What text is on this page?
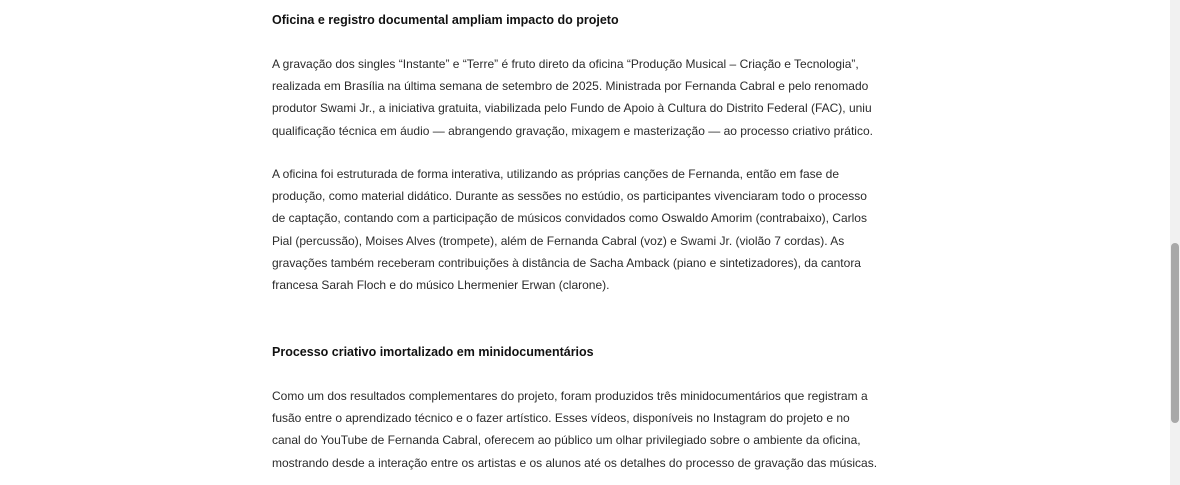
Oficina e registro documental ampliam impacto do projeto

A gravação dos singles “Instante” e “Terre” é fruto direto da oficina “Produção Musical – Criação e Tecnologia”,
realizada em Brasília na última semana de setembro de 2025. Ministrada por Fernanda Cabral e pelo renomado
produtor Swami Jr., a iniciativa gratuita, viabilizada pelo Fundo de Apoio à Cultura do Distrito Federal (FAC), uniu
qualificação técnica em áudio — abrangendo gravação, mixagem e masterização — ao processo criativo prático.

A oficina foi estruturada de forma interativa, utilizando as próprias canções de Fernanda, então em fase de
produção, como material didático. Durante as sessões no estúdio, os participantes vivenciaram todo o processo
de captação, contando com a participação de músicos convidados como Oswaldo Amorim (contrabaixo), Carlos
Pial (percussão), Moises Alves (trompete), além de Fernanda Cabral (voz) e Swami Jr. (violão 7 cordas). As
gravações também receberam contribuições à distância de Sacha Amback (piano e sintetizadores), da cantora
francesa Sarah Floch e do músico Lhermenier Erwan (clarone).

Processo criativo imortalizado em minidocumentários

Como um dos resultados complementares do projeto, foram produzidos três minidocumentários que registram a
fusão entre o aprendizado técnico e o fazer artístico. Esses vídeos, disponíveis no Instagram do projeto e no
canal do YouTube de Fernanda Cabral, oferecem ao público um olhar privilegiado sobre o ambiente da oficina,
mostrando desde a interação entre os artistas e os alunos até os detalhes do processo de gravação das músicas.
